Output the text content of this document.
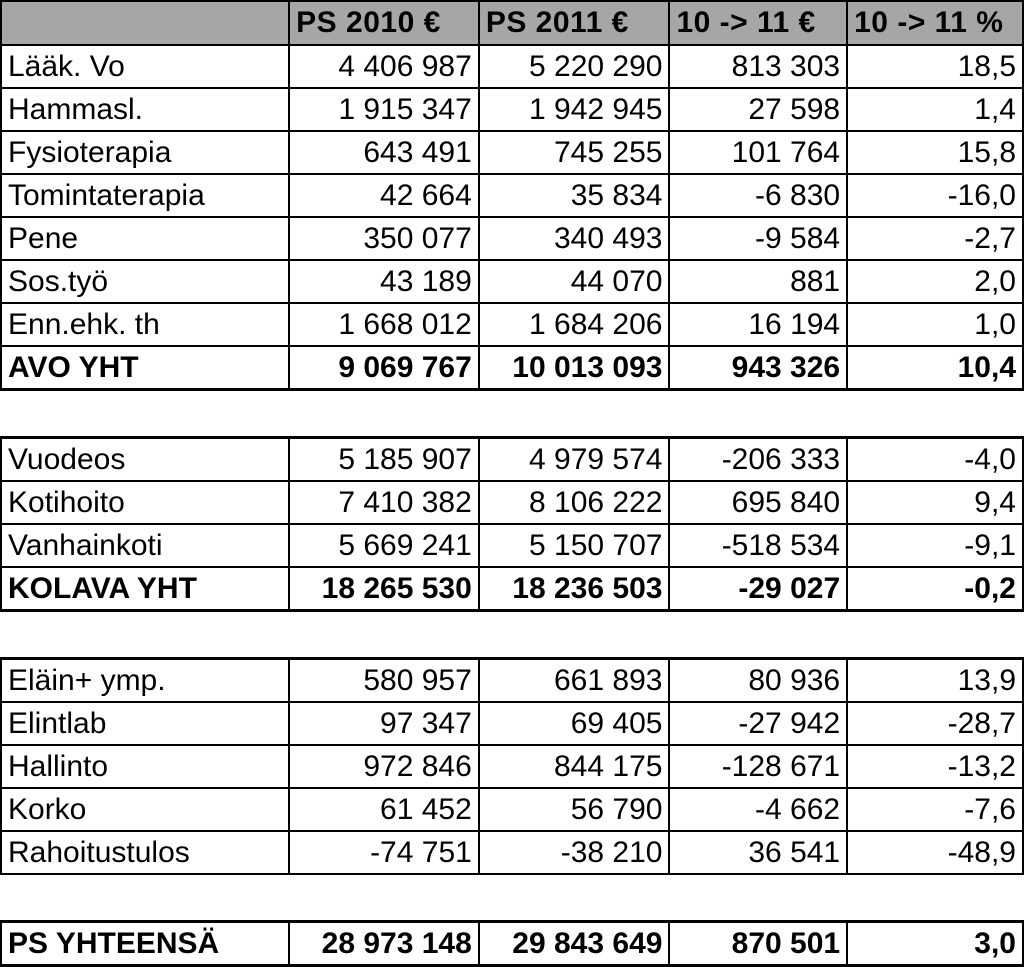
	PS 2010 €	PS 2011 €	10 -> 11 €	10 -> 11 %
Lääk. Vo	4 406 987	5 220 290	813 303	18,5
Hammasl.	1 915 347	1 942 945	27 598	1,4
Fysioterapia	643 491	745 255	101 764	15,8
Tomintaterapia	42 664	35 834	-6 830	-16,0
Pene	350 077	340 493	-9 584	-2,7
Sos.työ	43 189	44 070	881	2,0
Enn.ehk. th	1 668 012	1 684 206	16 194	1,0
AVO YHT	9 069 767	10 013 093	943 326	10,4

Vuodeos	5 185 907	4 979 574	-206 333	-4,0
Kotihoito	7 410 382	8 106 222	695 840	9,4
Vanhainkoti	5 669 241	5 150 707	-518 534	-9,1
KOLAVA YHT	18 265 530	18 236 503	-29 027	-0,2

Eläin+ ymp.	580 957	661 893	80 936	13,9
Elintlab	97 347	69 405	-27 942	-28,7
Hallinto	972 846	844 175	-128 671	-13,2
Korko	61 452	56 790	-4 662	-7,6
Rahoitustulos	-74 751	-38 210	36 541	-48,9

PS YHTEENSÄ	28 973 148	29 843 649	870 501	3,0
